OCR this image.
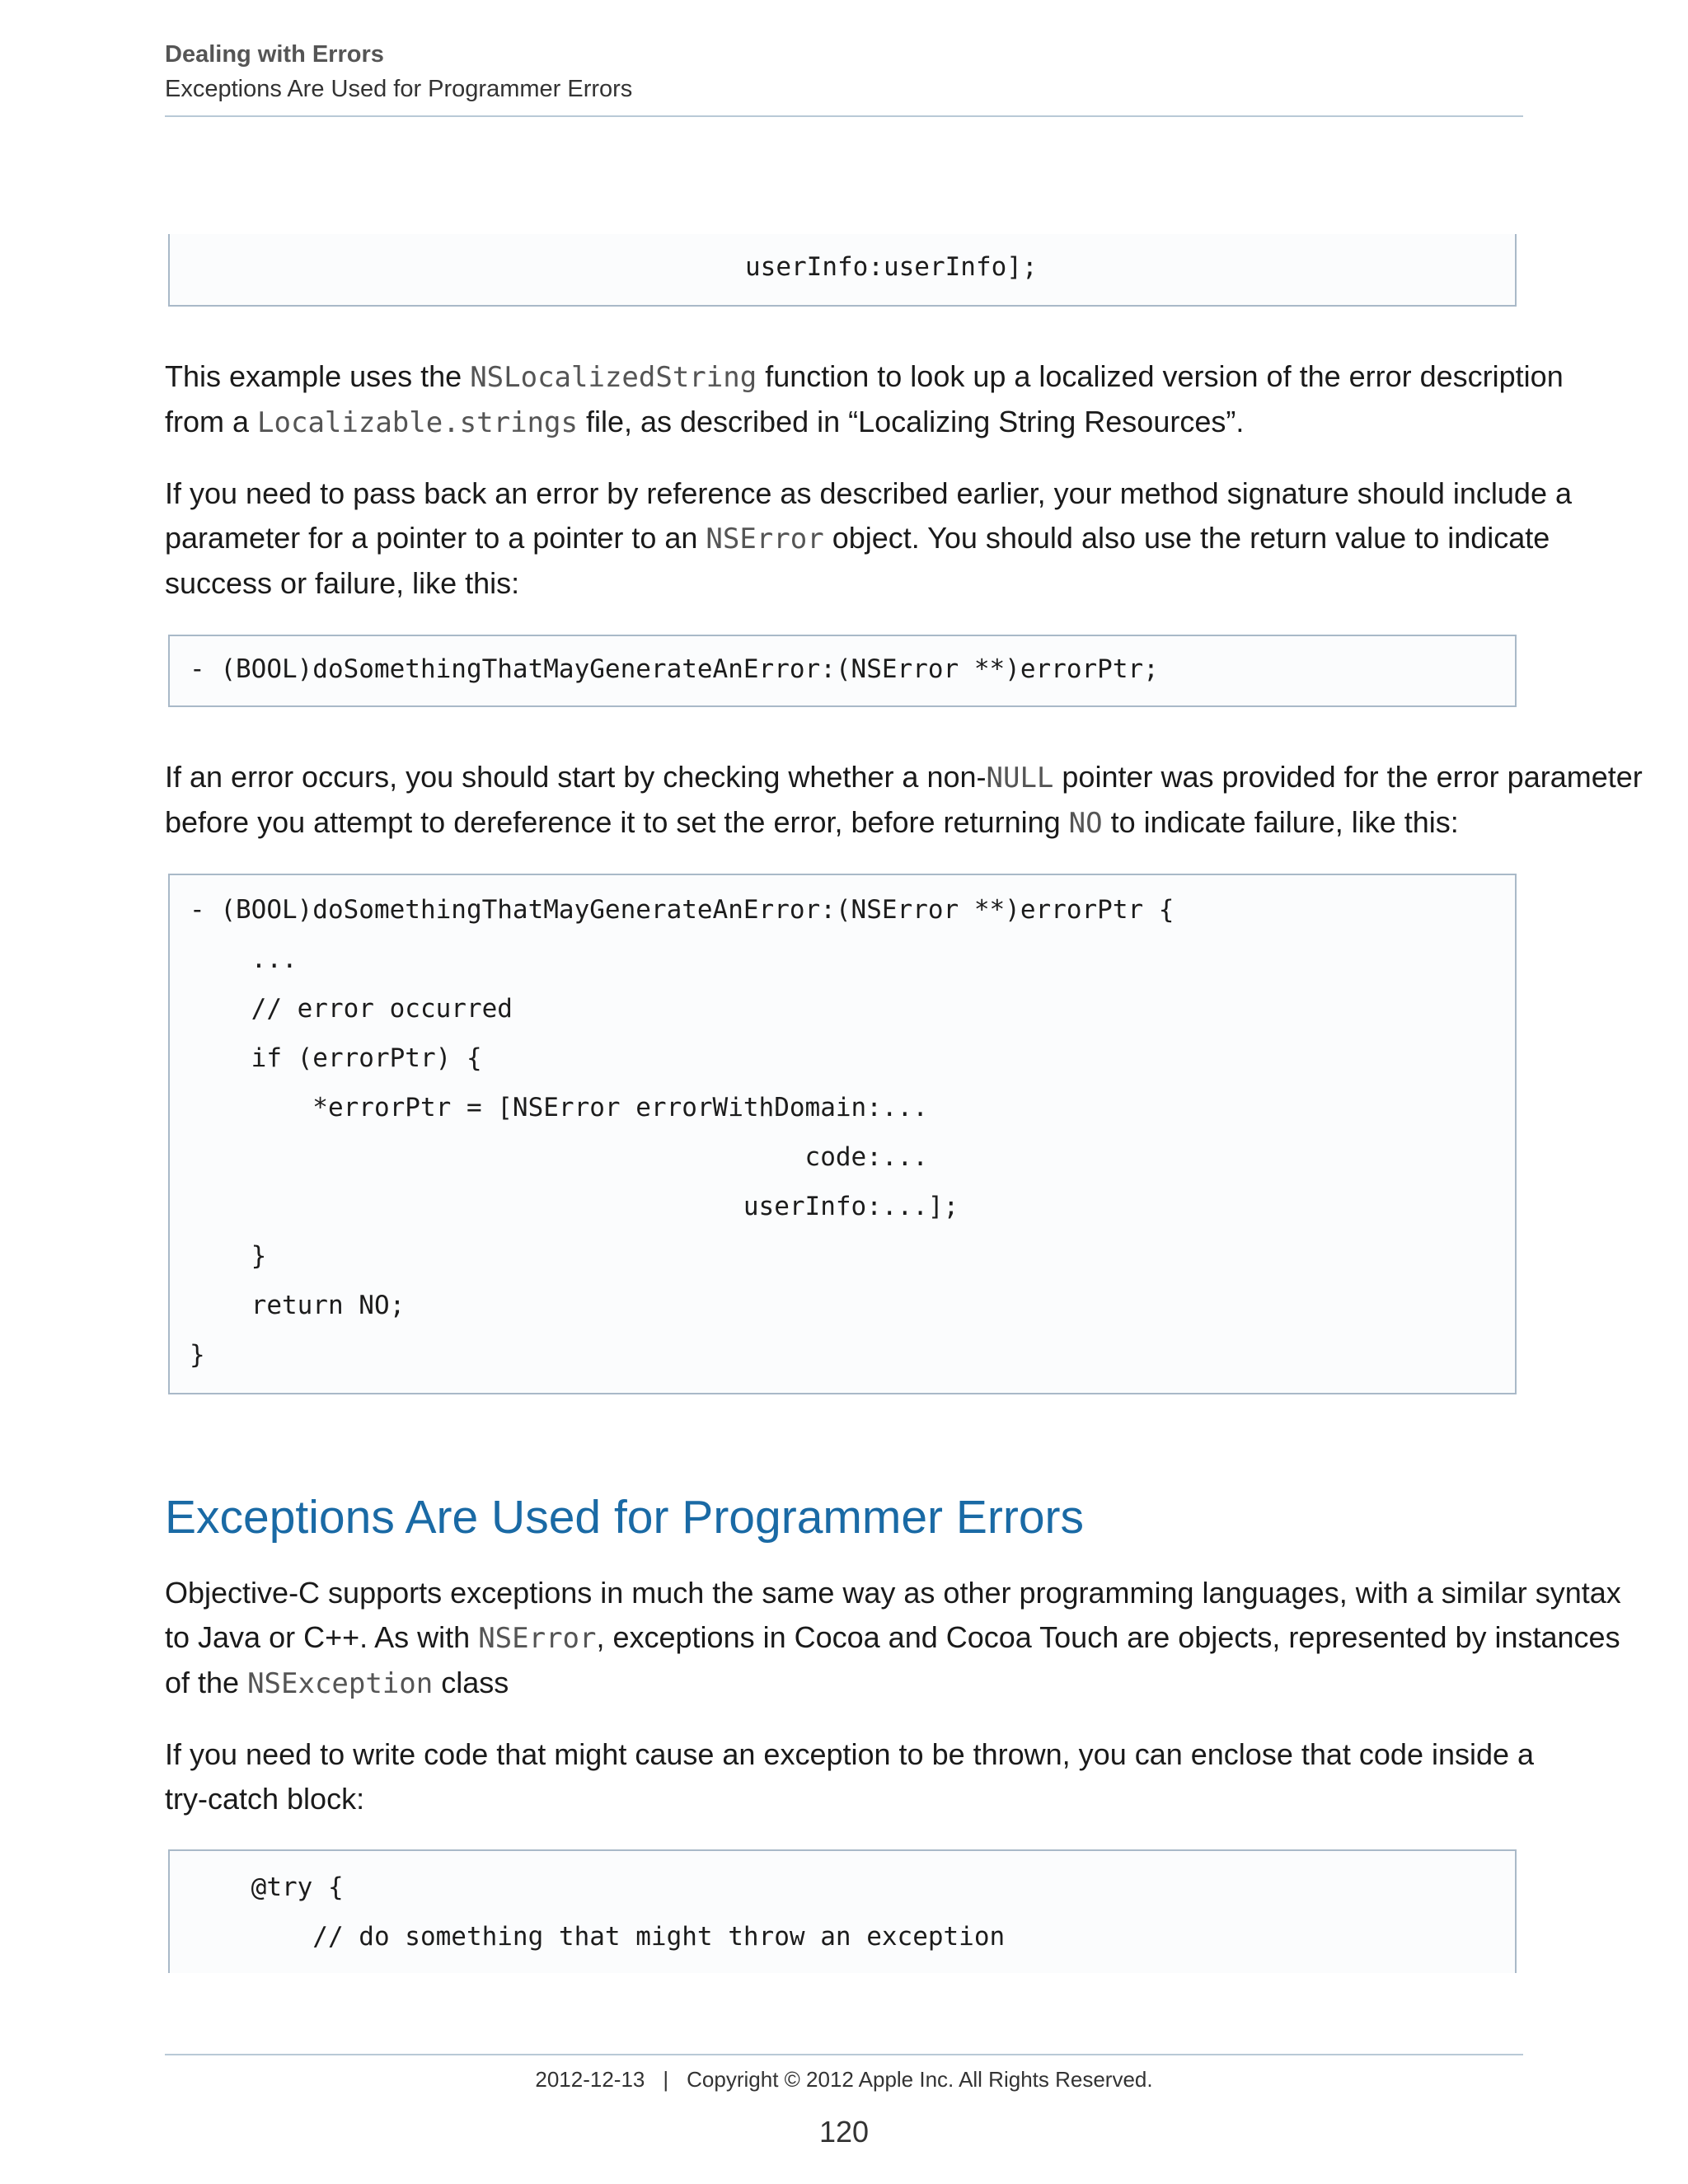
Dealing with Errors
Exceptions Are Used for Programmer Errors
userInfo:userInfo];
This example uses the NSLocalizedString function to look up a localized version of the error description
from a Localizable.strings file, as described in “Localizing String Resources”.
If you need to pass back an error by reference as described earlier, your method signature should include a
parameter for a pointer to a pointer to an NSError object. You should also use the return value to indicate
success or failure, like this:
- (BOOL)doSomethingThatMayGenerateAnError:(NSError **)errorPtr;
If an error occurs, you should start by checking whether a non-NULL pointer was provided for the error parameter
before you attempt to dereference it to set the error, before returning NO to indicate failure, like this:
- (BOOL)doSomethingThatMayGenerateAnError:(NSError **)errorPtr {
...
// error occurred
if (errorPtr) {
*errorPtr = [NSError errorWithDomain:...
code:...
userInfo:...];
}
return NO;
}
Exceptions Are Used for Programmer Errors
Objective-C supports exceptions in much the same way as other programming languages, with a similar syntax
to Java or C++. As with NSError, exceptions in Cocoa and Cocoa Touch are objects, represented by instances
of the NSException class
If you need to write code that might cause an exception to be thrown, you can enclose that code inside a
try-catch block:
@try {
// do something that might throw an exception
2012-12-13 | Copyright © 2012 Apple Inc. All Rights Reserved.
120
